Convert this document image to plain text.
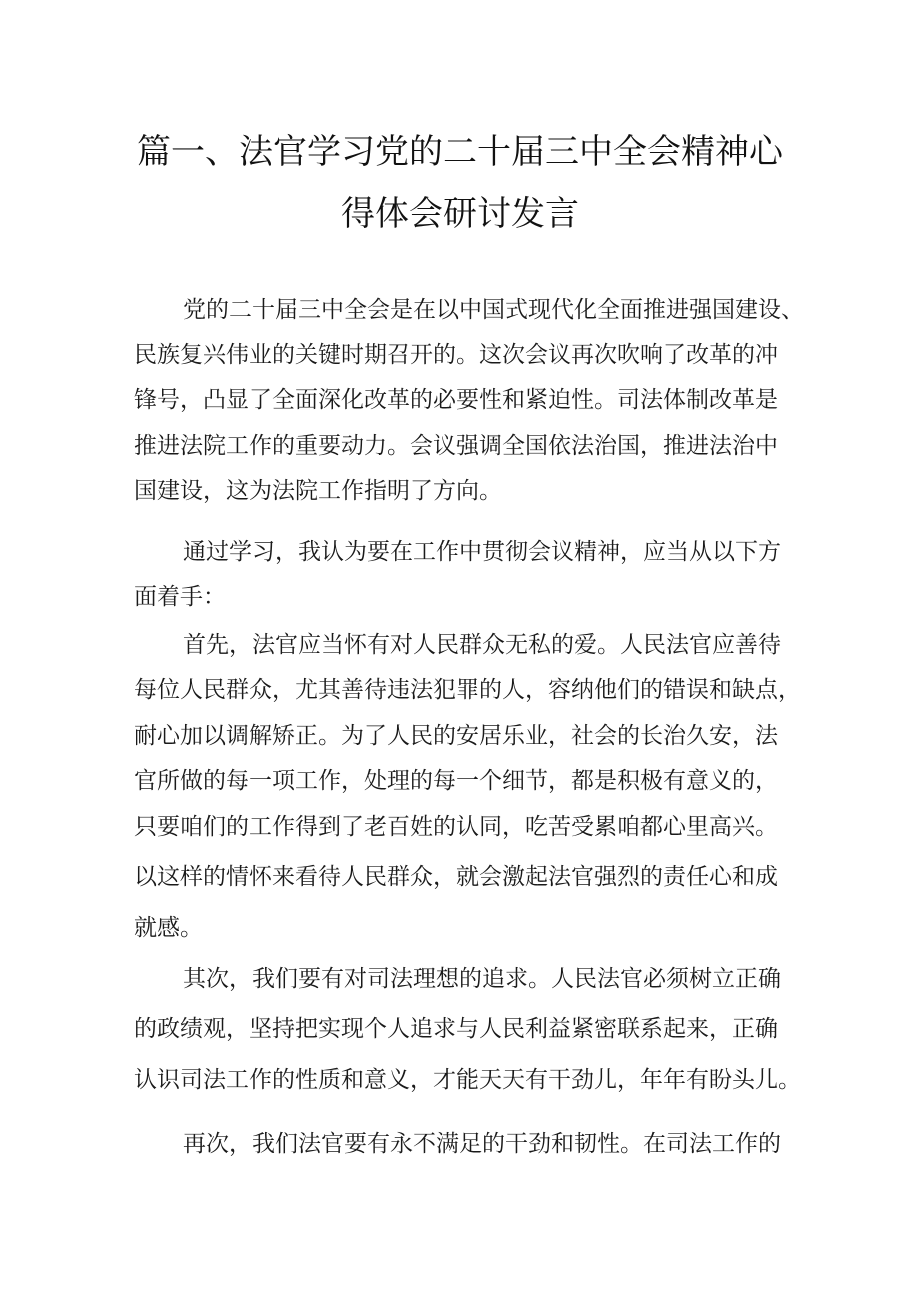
篇一、法官学习党的二十届三中全会精神心
得体会研讨发言
党的二十届三中全会是在以中国式现代化全面推进强国建设、
民族复兴伟业的关键时期召开的。这次会议再次吹响了改革的冲
锋号，凸显了全面深化改革的必要性和紧迫性。司法体制改革是
推进法院工作的重要动力。会议强调全国依法治国，推进法治中
国建设，这为法院工作指明了方向。
通过学习，我认为要在工作中贯彻会议精神，应当从以下方
面着手：
首先，法官应当怀有对人民群众无私的爱。人民法官应善待
每位人民群众，尤其善待违法犯罪的人，容纳他们的错误和缺点，
耐心加以调解矫正。为了人民的安居乐业，社会的长治久安，法
官所做的每一项工作，处理的每一个细节，都是积极有意义的，
只要咱们的工作得到了老百姓的认同，吃苦受累咱都心里高兴。
以这样的情怀来看待人民群众，就会激起法官强烈的责任心和成
就感。
其次，我们要有对司法理想的追求。人民法官必须树立正确
的政绩观，坚持把实现个人追求与人民利益紧密联系起来，正确
认识司法工作的性质和意义，才能天天有干劲儿，年年有盼头儿。
再次，我们法官要有永不满足的干劲和韧性。在司法工作的
